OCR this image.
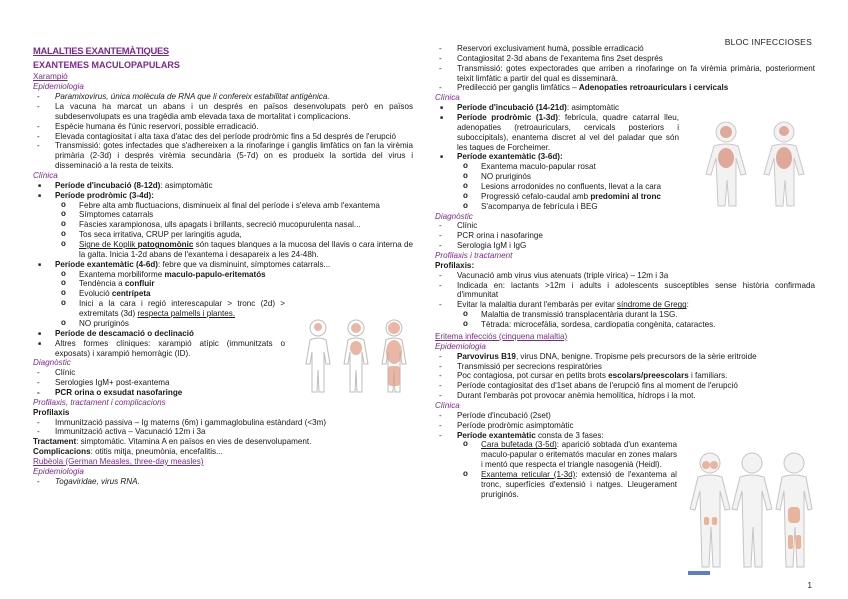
BLOC INFECCIOSES
1
MALALTIES EXANTEMÀTIQUES
EXANTEMES MACULOPAPULARS
Xarampió
Epidemiologia
- Paramixovirus, única molècula de RNA que li confereix estabilitat antigènica.
- La vacuna ha marcat un abans i un després en països desenvolupats però en països subdesenvolupats es una tragèdia amb elevada taxa de mortalitat i complicacions.
- Espècie humana és l'únic reservori, possible erradicació.
- Elevada contagiositat i alta taxa d'atac des del període prodròmic fins a 5d després de l'erupció
- Transmissió: gotes infectades que s'adhereixen a la rinofaringe i ganglis limfàtics on fan la virèmia primària (2-3d) i després virèmia secundària (5-7d) on es produeix la sortida del virus i disseminació a la resta de teixits.
Clínica
■ Període d'incubació (8-12d): asimptomàtic
■ Període prodròmic (3-4d):
o Febre alta amb fluctuacions, disminueix al final del període i s'eleva amb l'exantema
o Símptomes catarrals
o Fàscies xarampionosa, ulls apagats i brillants, secreció mucopurulenta nasal...
o Tos seca irritativa, CRUP per laringitis aguda,
o Signe de Koplik patognomònic són taques blanques a la mucosa del llavis o cara interna de la galta. Inicia 1-2d abans de l'exantema i desapareix a les 24-48h.
■ Període exantemàtic (4-6d): febre que va disminuint, símptomes catarrals...
o Exantema morbiliforme maculo-papulo-eritematós
o Tendència a confluir
o Evolució centrípeta
o Inici a la cara i regió interescapular > tronc (2d) > extremitats (3d) respecta palmells i plantes.
o NO pruriginós
■ Període de descamació o declinació
■ Altres formes clíniques: xarampió atípic (immunitzats o exposats) i xarampió hemorràgic (ID).
Diagnòstic
- Clínic
- Serologies IgM+ post-exantema
- PCR orina o exsudat nasofaringe
Profilaxis, tractament i complicacions
Profilaxis
- Immunització passiva – Ig materns (6m) i gammaglobulina estàndard (<3m)
- Immunització activa – Vacunació 12m i 3a
Tractament: simptomàtic. Vitamina A en països en vies de desenvolupament.
Complicacions: otitis mitja, pneumònia, encefalitis...
Rubèola (German Measles, three-day measles)
Epidemiologia
- Togaviridae, virus RNA.
- Reservori exclusivament humà, possible erradicació
- Contagiositat 2-3d abans de l'exantema fins 2set després
- Transmissió: gotes expectorades que arriben a rinofaringe on fa virèmia primària, posteriorment teixit limfàtic a partir del qual es disseminarà.
- Predilecció per ganglis limfàtics – Adenopaties retroauriculars i cervicals
Clínica
■ Període d'incubació (14-21d): asimptomàtic
■ Període prodròmic (1-3d): febrícula, quadre catarral lleu, adenopaties (retroauriculars, cervicals posteriors i suboccipitals), enantema discret al vel del paladar que són les taques de Forcheimer.
■ Període exantemàtic (3-6d):
o Exantema maculo-papular rosat
o NO pruriginós
o Lesions arrodonides no confluents, llevat a la cara
o Progressió cefalo-caudal amb predomini al tronc
o S'acompanya de febrícula i BEG
Diagnòstic
- Clínic
- PCR orina i nasofaringe
- Serologia IgM i IgG
Profilaxis i tractament
Profilaxis:
- Vacunació amb virus vius atenuats (triple vírica) – 12m i 3a
- Indicada en: lactants >12m i adults i adolescents susceptibles sense història confirmada d'immunitat
- Evitar la malaltia durant l'embaràs per evitar síndrome de Gregg:
o Malaltia de transmissió transplacentària durant la 1SG.
o Tètrada: microcefàlia, sordesa, cardiopatia congènita, cataractes.
Eritema infecciós (cinquena malaltia)
Epidemiologia
- Parvovirus B19, virus DNA, benigne. Tropisme pels precursors de la sèrie eritroide
- Transmissió per secrecions respiratòries
- Poc contagiosa, pot cursar en petits brots escolars/preescolars i familiars.
- Període contagiositat des d'1set abans de l'erupció fins al moment de l'erupció
- Durant l'embaràs pot provocar anèmia hemolítica, hídrops i la mot.
Clínica
- Període d'incubació (2set)
- Període prodròmic asimptomàtic
- Període exantemàtic consta de 3 fases:
o Cara bufetada (3-5d): aparició sobtada d'un exantema maculo-papular o eritematós macular en zones malars i mentó que respecta el triangle nasogenià (Heidl).
o Exantema reticular (1-3d): extensió de l'exantema al tronc, superfícies d'extensió i natges. Lleugerament pruriginós.
